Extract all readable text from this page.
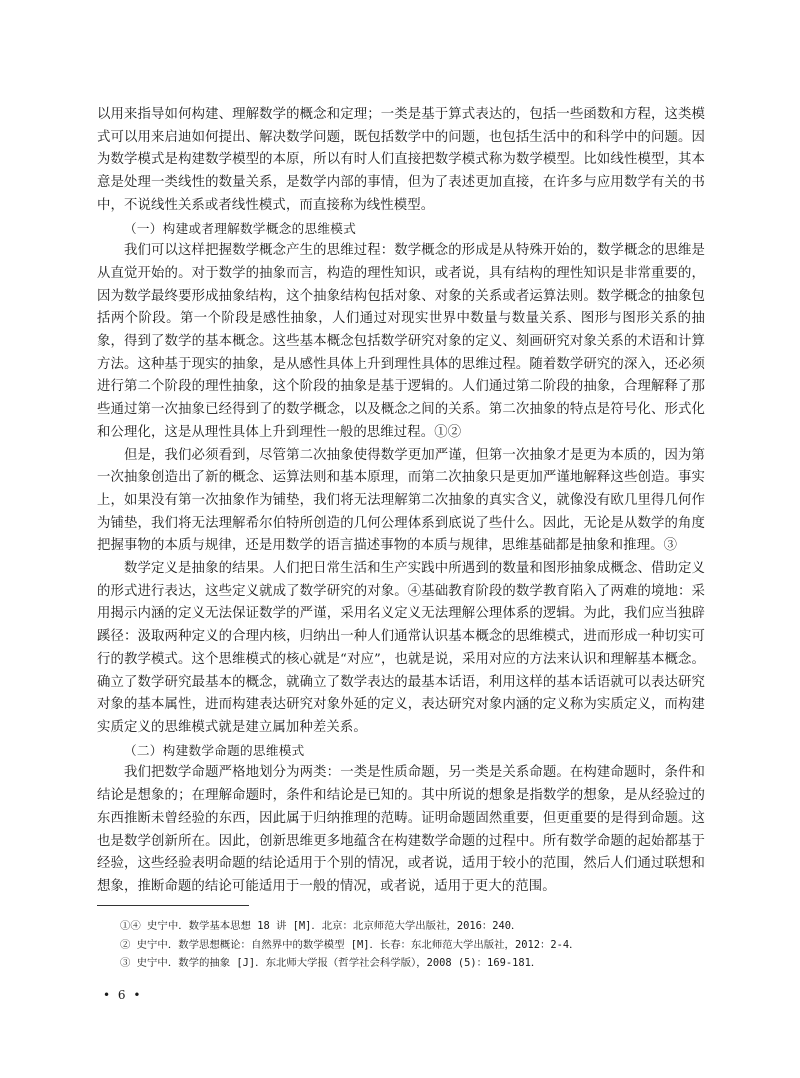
以用来指导如何构建、理解数学的概念和定理；一类是基于算式表达的，包括一些函数和方程，这类模式可以用来启迪如何提出、解决数学问题，既包括数学中的问题，也包括生活中的和科学中的问题。因为数学模式是构建数学模型的本原，所以有时人们直接把数学模式称为数学模型。比如线性模型，其本意是处理一类线性的数量关系，是数学内部的事情，但为了表述更加直接，在许多与应用数学有关的书中，不说线性关系或者线性模式，而直接称为线性模型。

（一）构建或者理解数学概念的思维模式

我们可以这样把握数学概念产生的思维过程：数学概念的形成是从特殊开始的，数学概念的思维是从直觉开始的。对于数学的抽象而言，构造的理性知识，或者说，具有结构的理性知识是非常重要的，因为数学最终要形成抽象结构，这个抽象结构包括对象、对象的关系或者运算法则。数学概念的抽象包括两个阶段。第一个阶段是感性抽象，人们通过对现实世界中数量与数量关系、图形与图形关系的抽象，得到了数学的基本概念。这些基本概念包括数学研究对象的定义、刻画研究对象关系的术语和计算方法。这种基于现实的抽象，是从感性具体上升到理性具体的思维过程。随着数学研究的深入，还必须进行第二个阶段的理性抽象，这个阶段的抽象是基于逻辑的。人们通过第二阶段的抽象，合理解释了那些通过第一次抽象已经得到了的数学概念，以及概念之间的关系。第二次抽象的特点是符号化、形式化和公理化，这是从理性具体上升到理性一般的思维过程。①②

但是，我们必须看到，尽管第二次抽象使得数学更加严谨，但第一次抽象才是更为本质的，因为第一次抽象创造出了新的概念、运算法则和基本原理，而第二次抽象只是更加严谨地解释这些创造。事实上，如果没有第一次抽象作为铺垫，我们将无法理解第二次抽象的真实含义，就像没有欧几里得几何作为铺垫，我们将无法理解希尔伯特所创造的几何公理体系到底说了些什么。因此，无论是从数学的角度把握事物的本质与规律，还是用数学的语言描述事物的本质与规律，思维基础都是抽象和推理。③

数学定义是抽象的结果。人们把日常生活和生产实践中所遇到的数量和图形抽象成概念、借助定义的形式进行表达，这些定义就成了数学研究的对象。④基础教育阶段的数学教育陷入了两难的境地：采用揭示内涵的定义无法保证数学的严谨，采用名义定义无法理解公理体系的逻辑。为此，我们应当独辟蹊径：汲取两种定义的合理内核，归纳出一种人们通常认识基本概念的思维模式，进而形成一种切实可行的教学模式。这个思维模式的核心就是“对应”，也就是说，采用对应的方法来认识和理解基本概念。确立了数学研究最基本的概念，就确立了数学表达的最基本话语，利用这样的基本话语就可以表达研究对象的基本属性，进而构建表达研究对象外延的定义，表达研究对象内涵的定义称为实质定义，而构建实质定义的思维模式就是建立属加种差关系。

（二）构建数学命题的思维模式

我们把数学命题严格地划分为两类：一类是性质命题，另一类是关系命题。在构建命题时，条件和结论是想象的；在理解命题时，条件和结论是已知的。其中所说的想象是指数学的想象，是从经验过的东西推断未曾经验的东西，因此属于归纳推理的范畴。证明命题固然重要，但更重要的是得到命题。这也是数学创新所在。因此，创新思维更多地蕴含在构建数学命题的过程中。所有数学命题的起始都基于经验，这些经验表明命题的结论适用于个别的情况，或者说，适用于较小的范围，然后人们通过联想和想象，推断命题的结论可能适用于一般的情况，或者说，适用于更大的范围。

①④ 史宁中．数学基本思想 18 讲 [M]．北京：北京师范大学出版社，2016：240．

② 史宁中．数学思想概论：自然界中的数学模型 [M]．长春：东北师范大学出版社，2012：2-4．

③ 史宁中．数学的抽象 [J]．东北师大学报（哲学社会科学版），2008 (5)：169-181．

• 6 •
